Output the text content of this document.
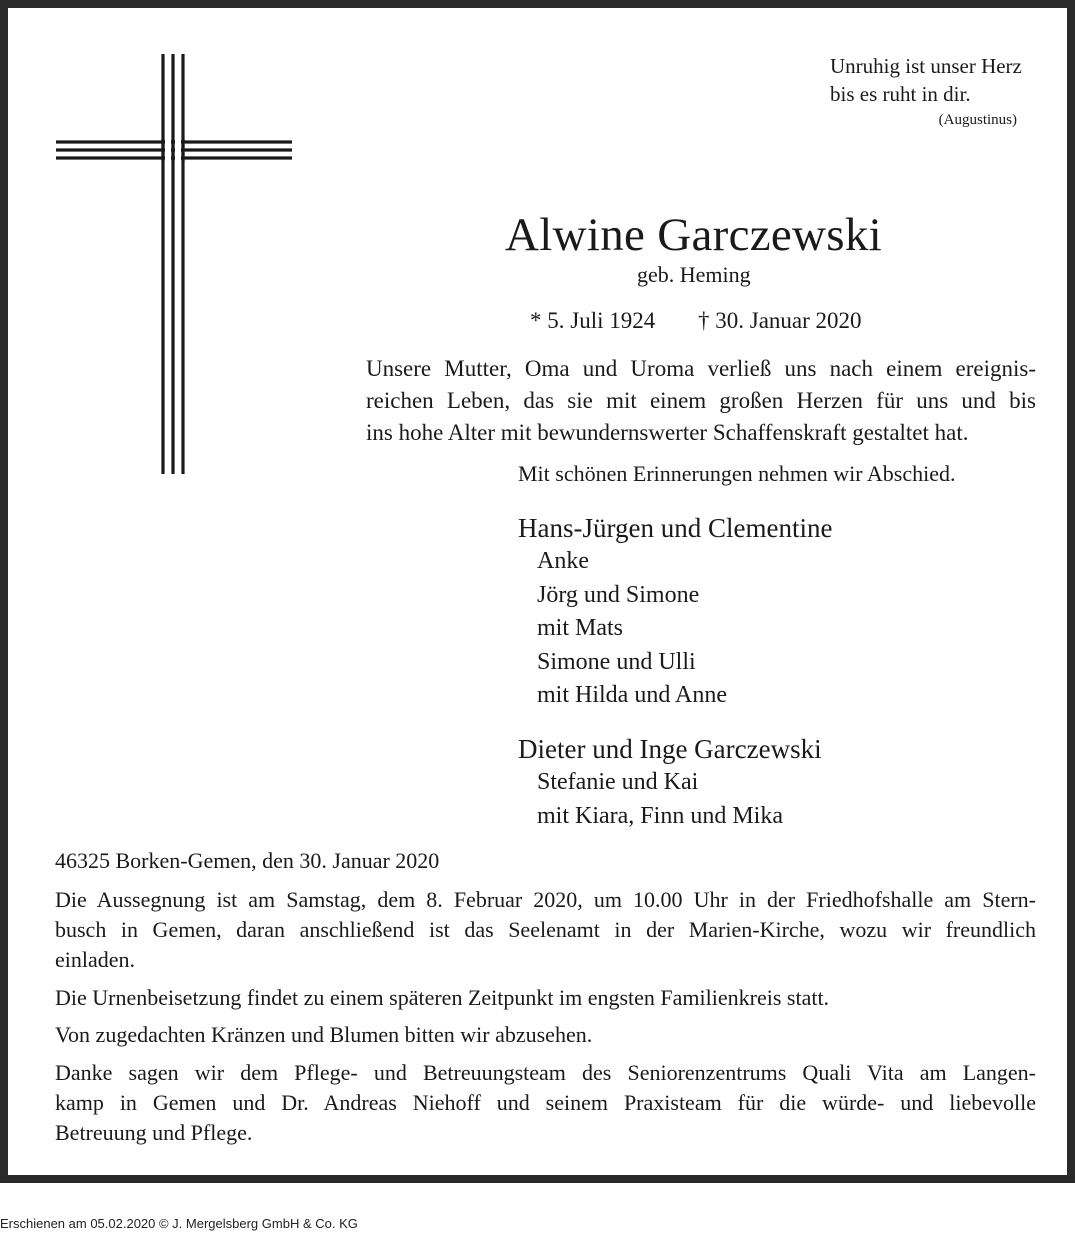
Unruhig ist unser Herz
bis es ruht in dir.
(Augustinus)
Alwine Garczewski
geb. Heming
* 5. Juli 1924 † 30. Januar 2020
Unsere Mutter, Oma und Uroma verließ uns nach einem ereignis-
reichen Leben, das sie mit einem großen Herzen für uns und bis
ins hohe Alter mit bewundernswerter Schaffenskraft gestaltet hat.
Mit schönen Erinnerungen nehmen wir Abschied.
Hans-Jürgen und Clementine
Anke
Jörg und Simone
mit Mats
Simone und Ulli
mit Hilda und Anne
Dieter und Inge Garczewski
Stefanie und Kai
mit Kiara, Finn und Mika
46325 Borken-Gemen, den 30. Januar 2020
Die Aussegnung ist am Samstag, dem 8. Februar 2020, um 10.00 Uhr in der Friedhofshalle am Stern-
busch in Gemen, daran anschließend ist das Seelenamt in der Marien-Kirche, wozu wir freundlich
einladen.
Die Urnenbeisetzung findet zu einem späteren Zeitpunkt im engsten Familienkreis statt.
Von zugedachten Kränzen und Blumen bitten wir abzusehen.
Danke sagen wir dem Pflege- und Betreuungsteam des Seniorenzentrums Quali Vita am Langen-
kamp in Gemen und Dr. Andreas Niehoff und seinem Praxisteam für die würde- und liebevolle
Betreuung und Pflege.
Erschienen am 05.02.2020 © J. Mergelsberg GmbH & Co. KG
